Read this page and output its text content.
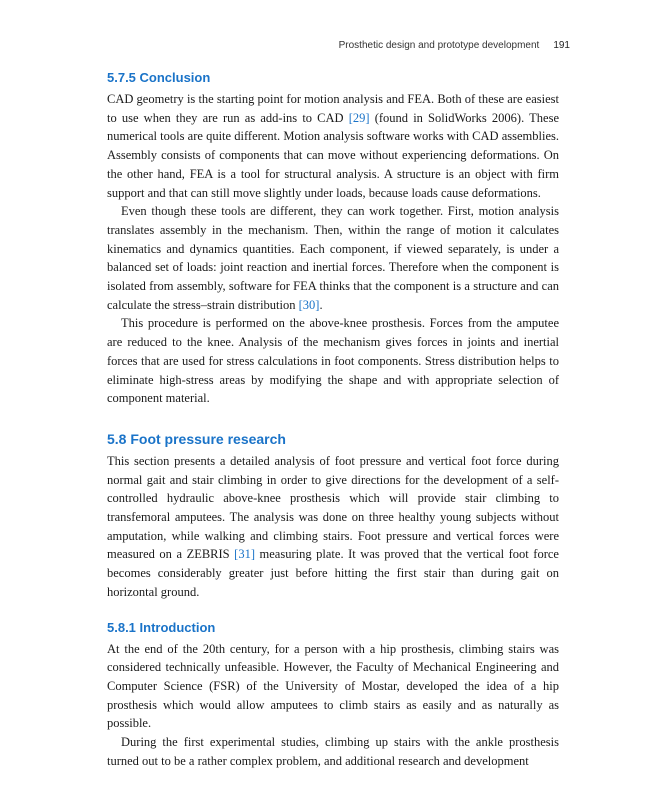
Prosthetic design and prototype development 191
5.7.5 Conclusion

CAD geometry is the starting point for motion analysis and FEA. Both of these are easiest to use when they are run as add-ins to CAD [29] (found in SolidWorks 2006). These numerical tools are quite different. Motion analysis software works with CAD assemblies. Assembly consists of components that can move without experiencing deformations. On the other hand, FEA is a tool for structural analysis. A structure is an object with firm support and that can still move slightly under loads, because loads cause deformations.

Even though these tools are different, they can work together. First, motion analysis translates assembly in the mechanism. Then, within the range of motion it calculates kinematics and dynamics quantities. Each component, if viewed separately, is under a balanced set of loads: joint reaction and inertial forces. Therefore when the component is isolated from assembly, software for FEA thinks that the component is a structure and can calculate the stress–strain distribution [30].

This procedure is performed on the above-knee prosthesis. Forces from the amputee are reduced to the knee. Analysis of the mechanism gives forces in joints and inertial forces that are used for stress calculations in foot components. Stress distribution helps to eliminate high-stress areas by modifying the shape and with appropriate selection of component material.

5.8 Foot pressure research

This section presents a detailed analysis of foot pressure and vertical foot force during normal gait and stair climbing in order to give directions for the development of a self-controlled hydraulic above-knee prosthesis which will provide stair climbing to transfemoral amputees. The analysis was done on three healthy young subjects without amputation, while walking and climbing stairs. Foot pressure and vertical forces were measured on a ZEBRIS [31] measuring plate. It was proved that the vertical foot force becomes considerably greater just before hitting the first stair than during gait on horizontal ground.

5.8.1 Introduction

At the end of the 20th century, for a person with a hip prosthesis, climbing stairs was considered technically unfeasible. However, the Faculty of Mechanical Engineering and Computer Science (FSR) of the University of Mostar, developed the idea of a hip prosthesis which would allow amputees to climb stairs as easily and as naturally as possible.

During the first experimental studies, climbing up stairs with the ankle prosthesis turned out to be a rather complex problem, and additional research and development
